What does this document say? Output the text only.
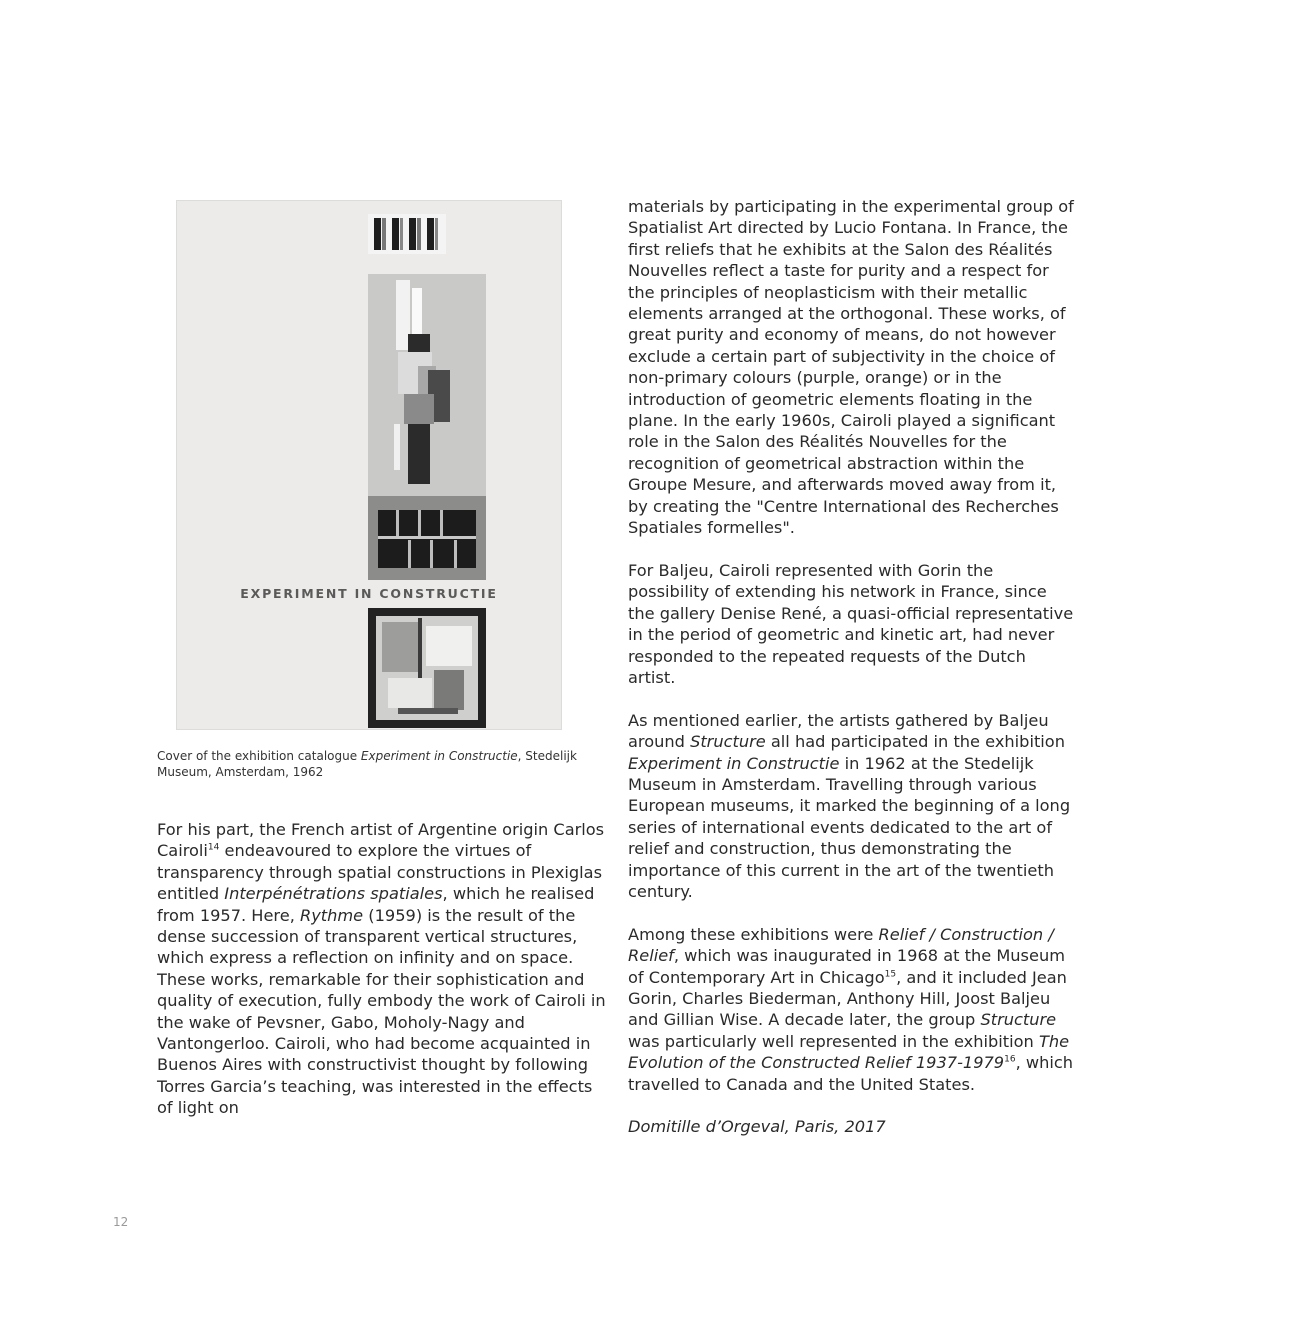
EXPERIMENT IN CONSTRUCTIE
Cover of the exhibition catalogue Experiment in Constructie, Stedelijk Museum, Amsterdam, 1962

For his part, the French artist of Argentine origin Carlos Cairoli$^{14}$ endeavoured to explore the virtues of transparency through spatial constructions in Plexiglas entitled Interpénétrations spatiales, which he realised from 1957. Here, Rythme (1959) is the result of the dense succession of transparent vertical structures, which express a reflection on infinity and on space. These works, remarkable for their sophistication and quality of execution, fully embody the work of Cairoli in the wake of Pevsner, Gabo, Moholy-Nagy and Vantongerloo. Cairoli, who had become acquainted in Buenos Aires with constructivist thought by following Torres Garcia’s teaching, was interested in the effects of light on

materials by participating in the experimental group of Spatialist Art directed by Lucio Fontana. In France, the first reliefs that he exhibits at the Salon des Réalités Nouvelles reflect a taste for purity and a respect for the principles of neoplasticism with their metallic elements arranged at the orthogonal. These works, of great purity and economy of means, do not however exclude a certain part of subjectivity in the choice of non-primary colours (purple, orange) or in the introduction of geometric elements floating in the plane. In the early 1960s, Cairoli played a significant role in the Salon des Réalités Nouvelles for the recognition of geometrical abstraction within the Groupe Mesure, and afterwards moved away from it, by creating the "Centre International des Recherches Spatiales formelles".

For Baljeu, Cairoli represented with Gorin the possibility of extending his network in France, since the gallery Denise René, a quasi-official representative in the period of geometric and kinetic art, had never responded to the repeated requests of the Dutch artist.

As mentioned earlier, the artists gathered by Baljeu around Structure all had participated in the exhibition Experiment in Constructie in 1962 at the Stedelijk Museum in Amsterdam. Travelling through various European museums, it marked the beginning of a long series of international events dedicated to the art of relief and construction, thus demonstrating the importance of this current in the art of the twentieth century.

Among these exhibitions were Relief / Construction / Relief, which was inaugurated in 1968 at the Museum of Contemporary Art in Chicago$^{15}$, and it included Jean Gorin, Charles Biederman, Anthony Hill, Joost Baljeu and Gillian Wise. A decade later, the group Structure was particularly well represented in the exhibition The Evolution of the Constructed Relief 1937-1979$^{16}$, which travelled to Canada and the United States.

Domitille d’Orgeval, Paris, 2017

12
